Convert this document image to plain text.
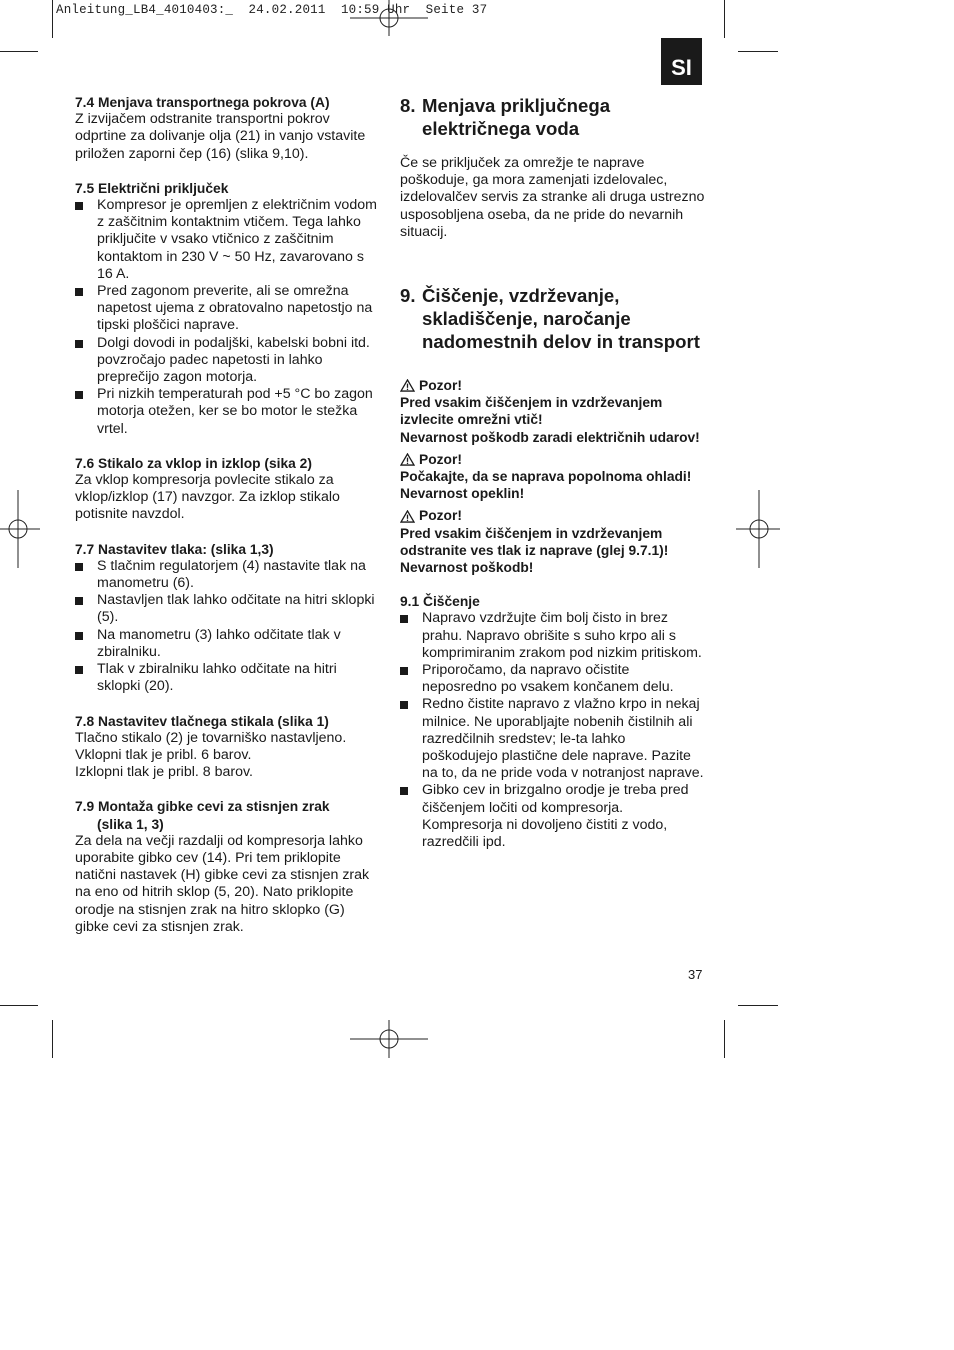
Anleitung_LB4_4010403:_  24.02.2011  10:59 Uhr  Seite 37
SI

7.4 Menjava transportnega pokrova (A)

Z izvijačem odstranite transportni pokrov odprtine za dolivanje olja (21) in vanjo vstavite priložen zaporni čep (16) (slika 9,10).

7.5 Električni priključek

Kompresor je opremljen z električnim vodom z zaščitnim kontaktnim vtičem. Tega lahko priključite v vsako vtičnico z zaščitnim kontaktom in 230 V ~ 50 Hz, zavarovano s 16 A.
Pred zagonom preverite, ali se omrežna napetost ujema z obratovalno napetostjo na tipski ploščici naprave.
Dolgi dovodi in podaljški, kabelski bobni itd. povzročajo padec napetosti in lahko preprečijo zagon motorja.
Pri nizkih temperaturah pod +5 °C bo zagon motorja otežen, ker se bo motor le stežka vrtel.

7.6 Stikalo za vklop in izklop (sika 2)

Za vklop kompresorja povlecite stikalo za vklop/izklop (17) navzgor. Za izklop stikalo potisnite navzdol.

7.7 Nastavitev tlaka: (slika 1,3)

S tlačnim regulatorjem (4) nastavite tlak na manometru (6).
Nastavljen tlak lahko odčitate na hitri sklopki (5).
Na manometru (3) lahko odčitate tlak v zbiralniku.
Tlak v zbiralniku lahko odčitate na hitri sklopki (20).

7.8 Nastavitev tlačnega stikala (slika 1)

Tlačno stikalo (2) je tovarniško nastavljeno.

Vklopni tlak je pribl. 6 barov.

Izklopni tlak je pribl. 8 barov.

7.9 Montaža gibke cevi za stisnjen zrak

(slika 1, 3)

Za dela na večji razdalji od kompresorja lahko uporabite gibko cev (14). Pri tem priklopite natični nastavek (H) gibke cevi za stisnjen zrak na eno od hitrih sklop (5, 20). Nato priklopite orodje na stisnjen zrak na hitro sklopko (G) gibke cevi za stisnjen zrak.

8. Menjava priključnega električnega voda

Če se priključek za omrežje te naprave poškoduje, ga mora zamenjati izdelovalec, izdelovalčev servis za stranke ali druga ustrezno usposobljena oseba, da ne pride do nevarnih situacij.

9. Čiščenje, vzdrževanje, skladiščenje, naročanje nadomestnih delov in transport
Pozor!

Pred vsakim čiščenjem in vzdrževanjem izvlecite omrežni vtič!

Nevarnost poškodb zaradi električnih udarov!

Pozor!

Počakajte, da se naprava popolnoma ohladi! Nevarnost opeklin!

Pozor!

Pred vsakim čiščenjem in vzdrževanjem odstranite ves tlak iz naprave (glej 9.7.1)!

Nevarnost poškodb!

9.1 Čiščenje

Napravo vzdržujte čim bolj čisto in brez prahu. Napravo obrišite s suho krpo ali s komprimiranim zrakom pod nizkim pritiskom.
Priporočamo, da napravo očistite neposredno po vsakem končanem delu.
Redno čistite napravo z vlažno krpo in nekaj milnice. Ne uporabljajte nobenih čistilnih ali razredčilnih sredstev; le-ta lahko poškodujejo plastične dele naprave. Pazite na to, da ne pride voda v notranjost naprave.
Gibko cev in brizgalno orodje je treba pred čiščenjem ločiti od kompresorja. Kompresorja ni dovoljeno čistiti z vodo, razredčili ipd.
37
